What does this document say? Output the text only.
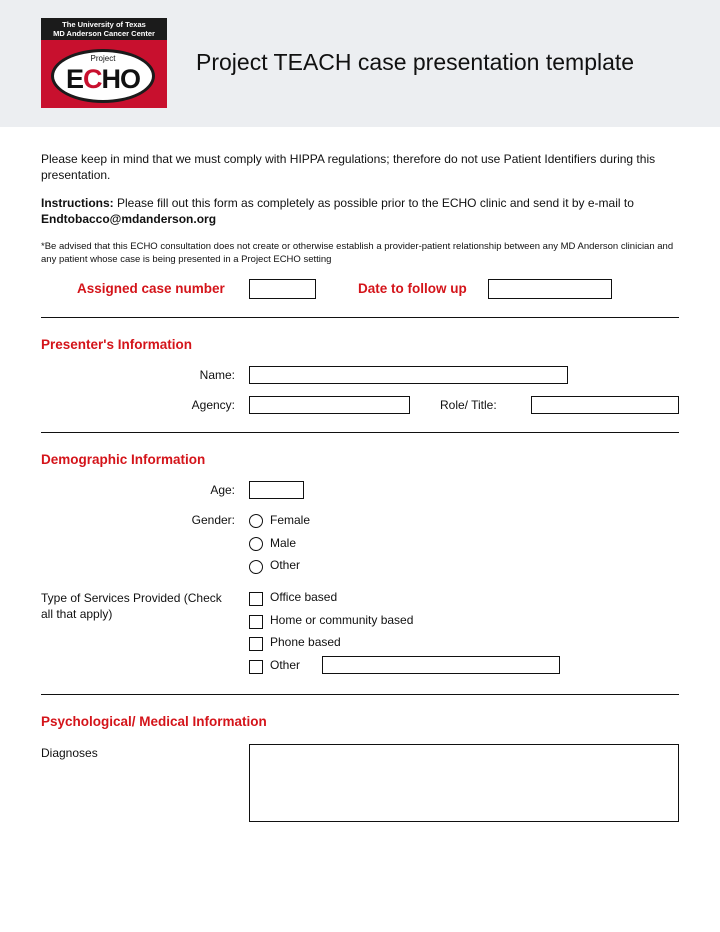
The University of Texas
MD Anderson Cancer Center
Project
ECHO
Project TEACH case presentation template
Please keep in mind that we must comply with HIPPA regulations; therefore do not use Patient Identifiers during this presentation.
Instructions: Please fill out this form as completely as possible prior to the ECHO clinic and send it by e-mail to
Endtobacco@mdanderson.org
*Be advised that this ECHO consultation does not create or otherwise establish a provider-patient relationship between any MD Anderson clinician and any patient whose case is being presented in a Project ECHO setting
Assigned case number	Date to follow up
Presenter's Information
Name:
Agency:	Role/ Title:
Demographic Information
Age:
Gender:	Female
Male
Other
Type of Services Provided (Check all that apply)
Office based
Home or community based
Phone based
Other
Psychological/ Medical Information
Diagnoses
